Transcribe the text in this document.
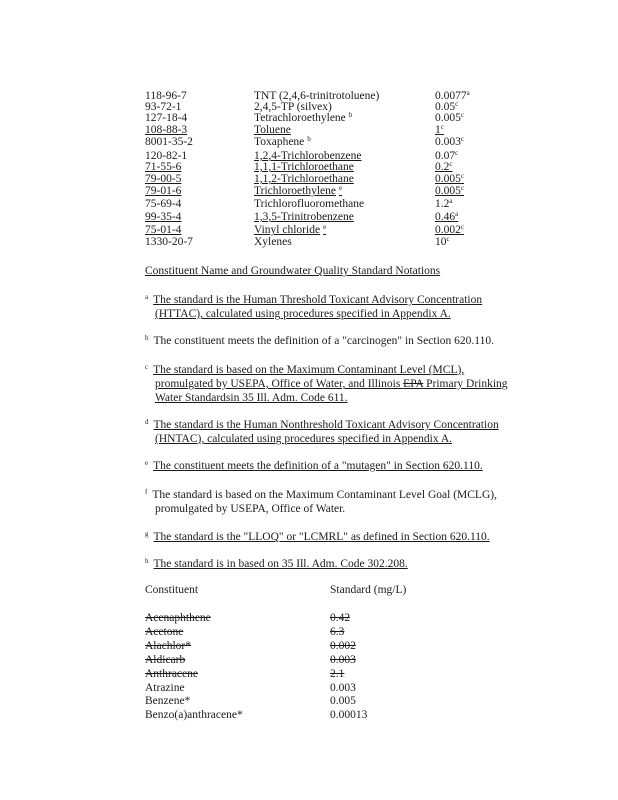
118-96-7	TNT (2,4,6-trinitrotoluene)	0.0077$^a$
93-72-1	2,4,5-TP (silvex)	0.05$^c$
127-18-4	Tetrachloroethylene $^b$	0.005$^c$
108-88-3	Toluene	1$^c$
8001-35-2	Toxaphene $^b$	0.003$^c$
120-82-1	1,2,4-Trichlorobenzene	0.07$^c$
71-55-6	1,1,1-Trichloroethane	0.2$^c$
79-00-5	1,1,2-Trichloroethane	0.005$^c$
79-01-6	Trichloroethylene $^e$	0.005$^c$
75-69-4	Trichlorofluoromethane	1.2$^a$
99-35-4	1,3,5-Trinitrobenzene	0.46$^a$
75-01-4	Vinyl chloride $^e$	0.002$^c$
1330-20-7	Xylenes	10$^c$
Constituent Name and Groundwater Quality Standard Notations
$^a$ The standard is the Human Threshold Toxicant Advisory Concentration
(HTTAC), calculated using procedures specified in Appendix A.
$^b$ The constituent meets the definition of a "carcinogen" in Section 620.110.
$^c$ The standard is based on the Maximum Contaminant Level (MCL),
promulgated by USEPA, Office of Water, and Illinois EPA Primary Drinking
Water Standardsin 35 Ill. Adm. Code 611.
$^d$ The standard is the Human Nonthreshold Toxicant Advisory Concentration
(HNTAC), calculated using procedures specified in Appendix A.
$^e$ The constituent meets the definition of a "mutagen" in Section 620.110.
$^f$ The standard is based on the Maximum Contaminant Level Goal (MCLG),
promulgated by USEPA, Office of Water.
$^g$ The standard is the "LLOQ" or "LCMRL" as defined in Section 620.110.
$^h$ The standard is in based on 35 Ill. Adm. Code 302.208.
Constituent	Standard (mg/L)
Acenaphthene	0.42
Acetone	6.3
Alachlor*	0.002
Aldicarb	0.003
Anthracene	2.1
Atrazine	0.003
Benzene*	0.005
Benzo(a)anthracene*	0.00013
